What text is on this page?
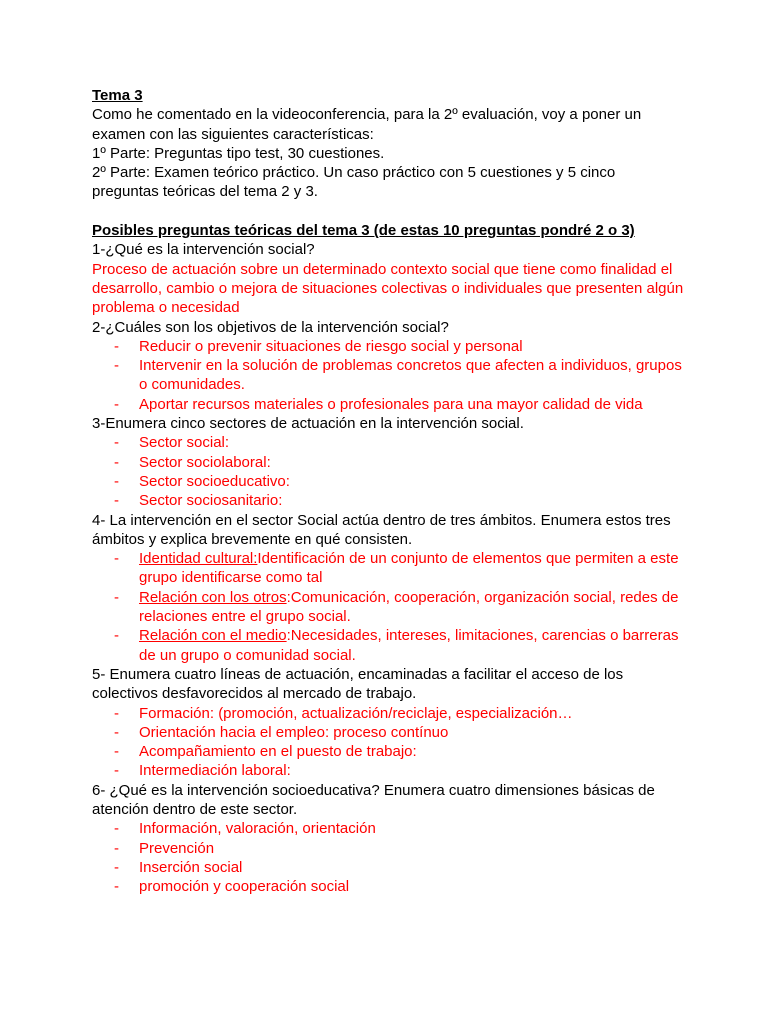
Tema 3
Como he comentado en la videoconferencia, para la 2º evaluación, voy a poner un
examen con las siguientes características:
1º Parte: Preguntas tipo test, 30 cuestiones.
2º Parte: Examen teórico práctico. Un caso práctico con 5 cuestiones y 5 cinco
preguntas teóricas del tema 2 y 3.
Posibles preguntas teóricas del tema 3 (de estas 10 preguntas pondré 2 o 3)
1-¿Qué es la intervención social?
Proceso de actuación sobre un determinado contexto social que tiene como finalidad el
desarrollo, cambio o mejora de situaciones colectivas o individuales que presenten algún
problema o necesidad
2-¿Cuáles son los objetivos de la intervención social?
- Reducir o prevenir situaciones de riesgo social y personal
- Intervenir en la solución de problemas concretos que afecten a individuos, grupos
o comunidades.
- Aportar recursos materiales o profesionales para una mayor calidad de vida
3-Enumera cinco sectores de actuación en la intervención social.
- Sector social:
- Sector sociolaboral:
- Sector socioeducativo:
- Sector sociosanitario:
4- La intervención en el sector Social actúa dentro de tres ámbitos. Enumera estos tres
ámbitos y explica brevemente en qué consisten.
- Identidad cultural:Identificación de un conjunto de elementos que permiten a este
grupo identificarse como tal
- Relación con los otros:Comunicación, cooperación, organización social, redes de
relaciones entre el grupo social.
- Relación con el medio:Necesidades, intereses, limitaciones, carencias o barreras
de un grupo o comunidad social.
5- Enumera cuatro líneas de actuación, encaminadas a facilitar el acceso de los
colectivos desfavorecidos al mercado de trabajo.
- Formación: (promoción, actualización/reciclaje, especialización…
- Orientación hacia el empleo: proceso contínuo
- Acompañamiento en el puesto de trabajo:
- Intermediación laboral:
6- ¿Qué es la intervención socioeducativa? Enumera cuatro dimensiones básicas de
atención dentro de este sector.
- Información, valoración, orientación
- Prevención
- Inserción social
- promoción y cooperación social
